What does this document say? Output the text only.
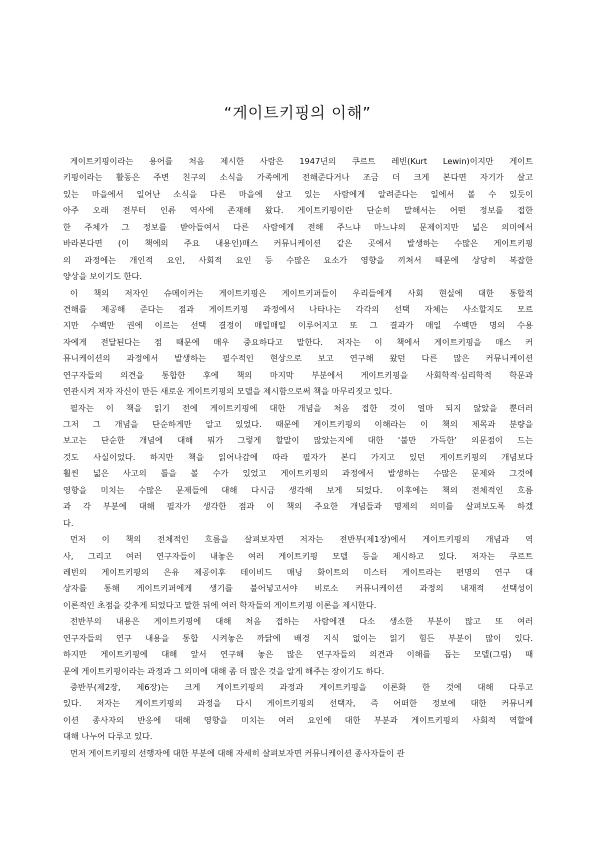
“게이트키핑의 이해”
게이트키핑이라는 용어를 처음 제시한 사람은 1947년의 쿠르트 레빈(Kurt Lewin)이지만 게이트
키핑이라는 활동은 주변 친구의 소식을 가족에게 전해준다거나 조금 더 크게 본다면 자기가 살고
있는 마을에서 일어난 소식을 다른 마을에 살고 있는 사람에게 알려준다는 일에서 볼 수 있듯이
아주 오래 전부터 인류 역사에 존재해 왔다. 게이트키핑이란 단순히 말해서는 어떤 정보를 접한
한 주체가 그 정보를 받아들여서 다른 사람에게 전해 주느냐 마느냐의 문제이지만 넓은 의미에서
바라본다면 (이 책에의 주요 내용인)매스 커뮤니케이션 같은 곳에서 발생하는 수많은 게이트키핑
의 과정에는 개인적 요인, 사회적 요인 등 수많은 요소가 영향을 끼쳐서 때문에 상당히 복잡한
양상을 보이기도 한다.
이 책의 저자인 슈메이커는 게이트키핑은 게이트키퍼들이 우리들에게 사회 현실에 대한 통합적
견해를 제공해 준다는 점과 게이트키핑 과정에서 나타나는 각각의 선택 자체는 사소할지도 모르
지만 수백만 권에 이르는 선택 결정이 매일매일 이루어지고 또 그 결과가 매일 수백만 명의 수용
자에게 전달된다는 점 때문에 매우 중요하다고 말한다. 저자는 이 책에서 게이트키핑을 매스 커
뮤니케이션의 과정에서 발생하는 필수적인 현상으로 보고 연구해 왔던 다른 많은 커뮤니케이션
연구자들의 의견을 통합한 후에 책의 마지막 부분에서 게이트키핑을 사회학적·심리학적 학문과
연관시켜 저자 자신이 만든 새로운 게이트키핑의 모델을 제시함으로써 책을 마무리짓고 있다.
필자는 이 책을 읽기 전에 게이트키핑에 대한 개념을 처음 접한 것이 얼마 되지 않았을 뿐더러
그저 그 개념을 단순하게만 알고 있었다. 때문에 게이트키핑의 이해라는 이 책의 제목과 분량을
보고는 단순한 개념에 대해 뭐가 그렇게 할말이 많았는지에 대한 ‘불만 가득한’ 의문점이 드는
것도 사실이었다. 하지만 책을 읽어나감에 따라 필자가 본디 가지고 있던 게이트키핑의 개념보다
훨씬 넓은 사고의 틀을 볼 수가 있었고 게이트키핑의 과정에서 발생하는 수많은 문제와 그것에
영향을 미치는 수많은 문제들에 대해 다시금 생각해 보게 되었다. 이후에는 책의 전체적인 흐름
과 각 부분에 대해 필자가 생각한 점과 이 책의 주요한 개념들과 명제의 의미를 살펴보도록 하겠
다.
먼저 이 책의 전체적인 흐름을 살펴보자면 저자는 전반부(제1장)에서 게이트키핑의 개념과 역
사, 그리고 여러 연구자들이 내놓은 여러 게이트키핑 모델 등을 제시하고 있다. 저자는 쿠르트
레빈의 게이트키핑의 은유 제공이후 데이비드 매닝 화이트의 미스터 게이트라는 편명의 연구 대
상자를 통해 게이트키퍼에게 생기를 불어넣고서야 비로소 커뮤니케이션 과정의 내재적 선택성이
이론적인 초점을 갖추게 되었다고 말한 뒤에 여러 학자들의 게이트키핑 이론을 제시한다.
전반부의 내용은 게이트키핑에 대해 처음 접하는 사람에겐 다소 생소한 부분이 많고 또 여러
연구자들의 연구 내용을 통합 시켜놓은 까닭에 배경 지식 없이는 읽기 힘든 부분이 많이 있다.
하지만 게이트키핑에 대해 앞서 연구해 놓은 많은 연구자들의 의견과 이해를 돕는 모델(그림) 때
문에 게이트키핑이라는 과정과 그 의미에 대해 좀 더 많은 것을 알게 해주는 장이기도 하다.
중반부(제2장, 제6장)는 크게 게이트키핑의 과정과 게이트키핑을 이론화 한 것에 대해 다루고
있다. 저자는 게이트키핑의 과정을 다시 게이트키핑의 선택자, 즉 어떠한 정보에 대한 커뮤니케
이션 종사자의 반응에 대해 영향을 미치는 여러 요인에 대한 부분과 게이트키핑의 사회적 역할에
대해 나누어 다루고 있다.
먼저 게이트키핑의 선행자에 대한 부분에 대해 자세히 살펴보자면 커뮤니케이션 종사자들이 관
